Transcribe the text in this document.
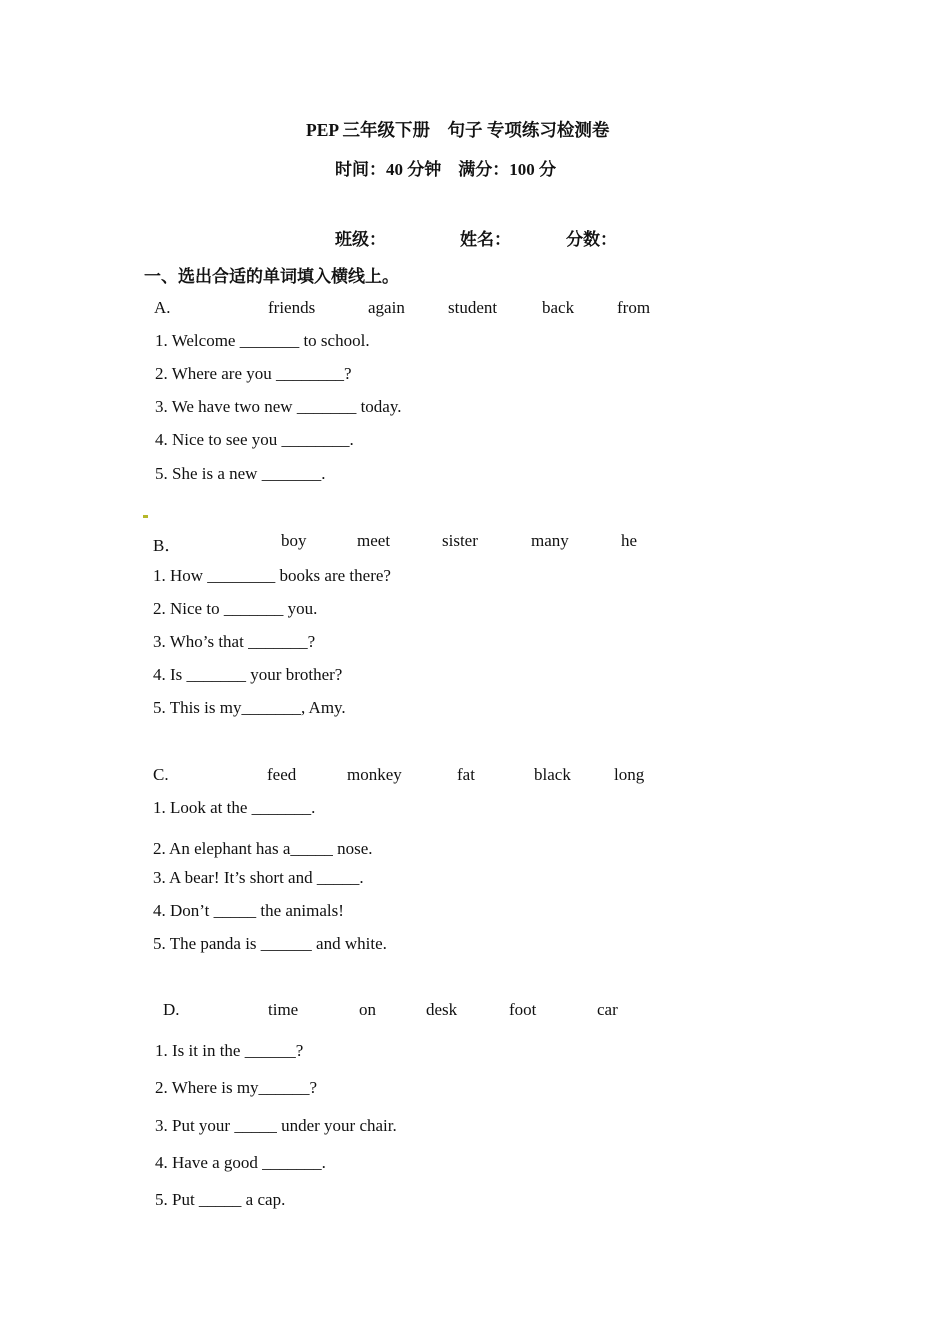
PEP 三年级下册　句子 专项练习检测卷
时间：40 分钟　满分：100 分
班级：	姓名：	分数：
一、选出合适的单词填入横线上。
A.	friends	again	student	back	from
1. Welcome _______ to school.
2. Where are you ________?
3. We have two new _______ today.
4. Nice to see you ________.
5. She is a new _______.
B．	boy	meet	sister	many	he
1. How ________ books are there?
2. Nice to _______ you.
3. Who’s that _______?
4. Is _______ your brother?
5. This is my_______, Amy.
C.	feed	monkey	fat	black	long
1. Look at the _______.
2. An elephant has a_____ nose.
3. A bear! It’s short and _____.
4. Don’t _____ the animals!
5. The panda is ______ and white.
D.	time	on	desk	foot	car
1. Is it in the ______?
2. Where is my______?
3. Put your _____ under your chair.
4. Have a good _______.
5. Put _____ a cap.
